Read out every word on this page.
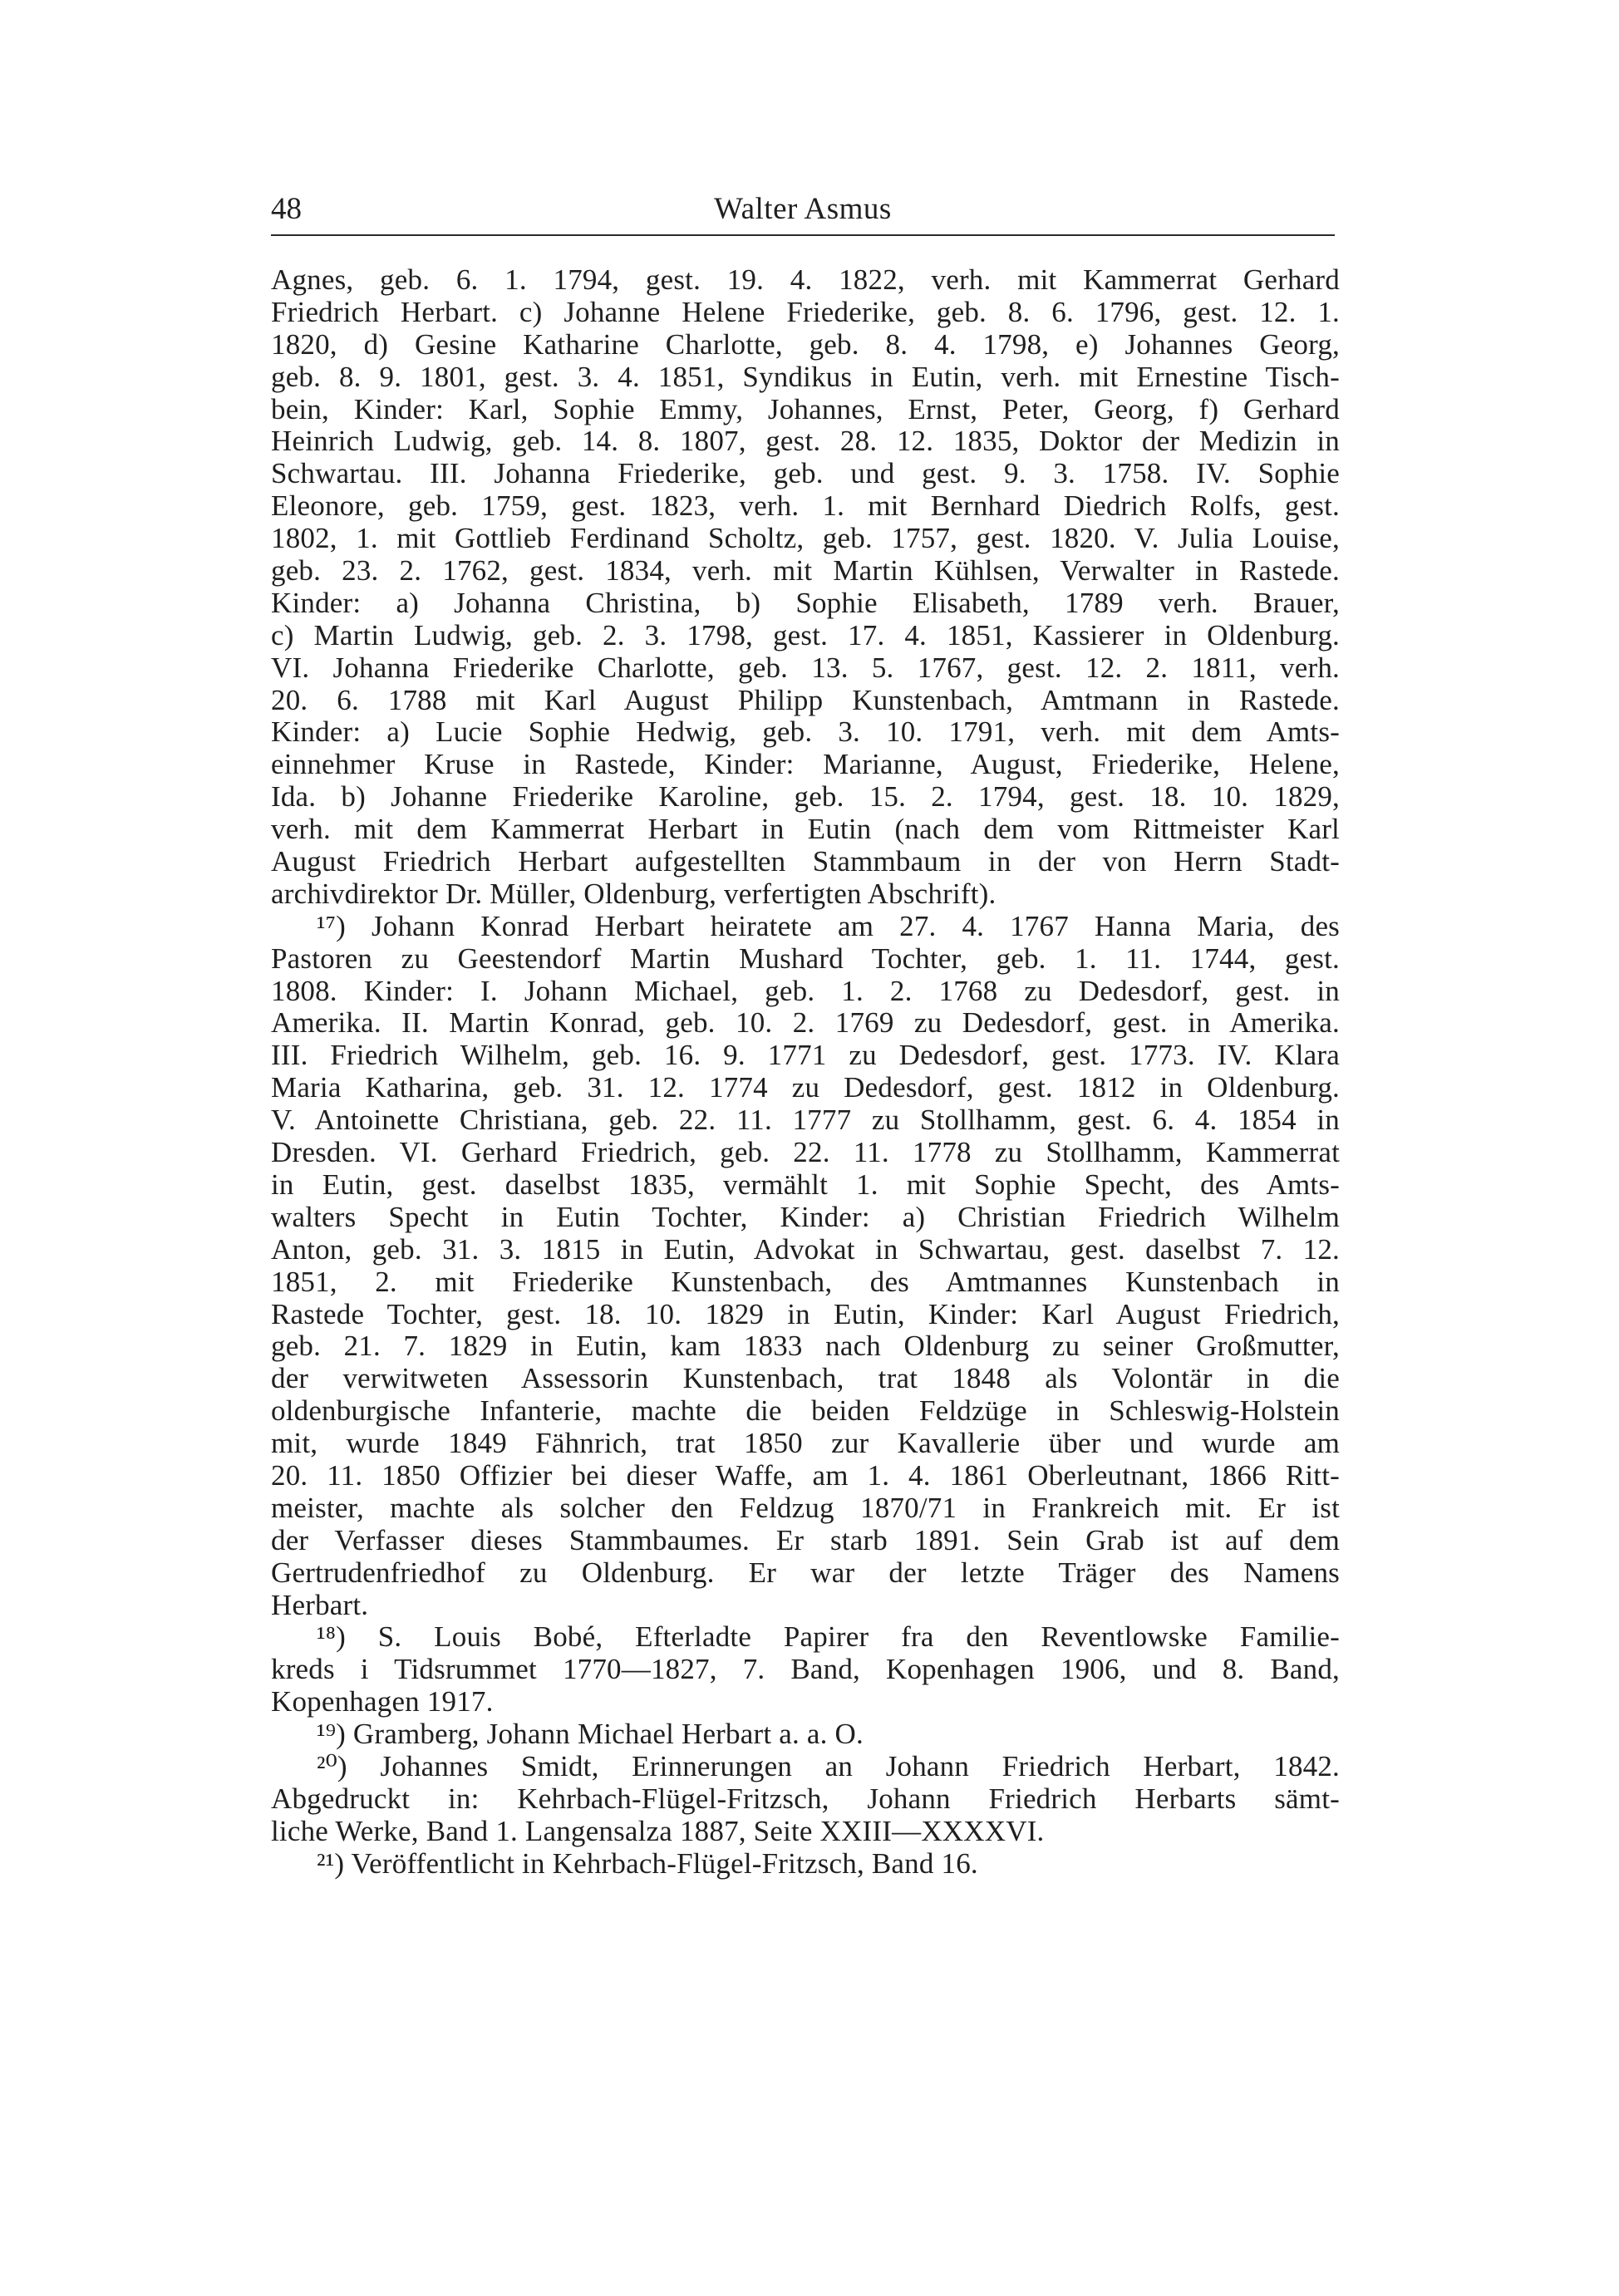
Walter Asmus
48
Agnes, geb. 6. 1. 1794, gest. 19. 4. 1822, verh. mit Kammerrat Gerhard
Friedrich Herbart. c) Johanne Helene Friederike, geb. 8. 6. 1796, gest. 12. 1.
1820, d) Gesine Katharine Charlotte, geb. 8. 4. 1798, e) Johannes Georg,
geb. 8. 9. 1801, gest. 3. 4. 1851, Syndikus in Eutin, verh. mit Ernestine Tisch-
bein, Kinder: Karl, Sophie Emmy, Johannes, Ernst, Peter, Georg, f) Gerhard
Heinrich Ludwig, geb. 14. 8. 1807, gest. 28. 12. 1835, Doktor der Medizin in
Schwartau. III. Johanna Friederike, geb. und gest. 9. 3. 1758. IV. Sophie
Eleonore, geb. 1759, gest. 1823, verh. 1. mit Bernhard Diedrich Rolfs, gest.
1802, 1. mit Gottlieb Ferdinand Scholtz, geb. 1757, gest. 1820. V. Julia Louise,
geb. 23. 2. 1762, gest. 1834, verh. mit Martin Kühlsen, Verwalter in Rastede.
Kinder: a) Johanna Christina, b) Sophie Elisabeth, 1789 verh. Brauer,
c) Martin Ludwig, geb. 2. 3. 1798, gest. 17. 4. 1851, Kassierer in Oldenburg.
VI. Johanna Friederike Charlotte, geb. 13. 5. 1767, gest. 12. 2. 1811, verh.
20. 6. 1788 mit Karl August Philipp Kunstenbach, Amtmann in Rastede.
Kinder: a) Lucie Sophie Hedwig, geb. 3. 10. 1791, verh. mit dem Amts-
einnehmer Kruse in Rastede, Kinder: Marianne, August, Friederike, Helene,
Ida. b) Johanne Friederike Karoline, geb. 15. 2. 1794, gest. 18. 10. 1829,
verh. mit dem Kammerrat Herbart in Eutin (nach dem vom Rittmeister Karl
August Friedrich Herbart aufgestellten Stammbaum in der von Herrn Stadt-
archivdirektor Dr. Müller, Oldenburg, verfertigten Abschrift).
¹⁷) Johann Konrad Herbart heiratete am 27. 4. 1767 Hanna Maria, des
Pastoren zu Geestendorf Martin Mushard Tochter, geb. 1. 11. 1744, gest.
1808. Kinder: I. Johann Michael, geb. 1. 2. 1768 zu Dedesdorf, gest. in
Amerika. II. Martin Konrad, geb. 10. 2. 1769 zu Dedesdorf, gest. in Amerika.
III. Friedrich Wilhelm, geb. 16. 9. 1771 zu Dedesdorf, gest. 1773. IV. Klara
Maria Katharina, geb. 31. 12. 1774 zu Dedesdorf, gest. 1812 in Oldenburg.
V. Antoinette Christiana, geb. 22. 11. 1777 zu Stollhamm, gest. 6. 4. 1854 in
Dresden. VI. Gerhard Friedrich, geb. 22. 11. 1778 zu Stollhamm, Kammerrat
in Eutin, gest. daselbst 1835, vermählt 1. mit Sophie Specht, des Amts-
walters Specht in Eutin Tochter, Kinder: a) Christian Friedrich Wilhelm
Anton, geb. 31. 3. 1815 in Eutin, Advokat in Schwartau, gest. daselbst 7. 12.
1851, 2. mit Friederike Kunstenbach, des Amtmannes Kunstenbach in
Rastede Tochter, gest. 18. 10. 1829 in Eutin, Kinder: Karl August Friedrich,
geb. 21. 7. 1829 in Eutin, kam 1833 nach Oldenburg zu seiner Großmutter,
der verwitweten Assessorin Kunstenbach, trat 1848 als Volontär in die
oldenburgische Infanterie, machte die beiden Feldzüge in Schleswig-Holstein
mit, wurde 1849 Fähnrich, trat 1850 zur Kavallerie über und wurde am
20. 11. 1850 Offizier bei dieser Waffe, am 1. 4. 1861 Oberleutnant, 1866 Ritt-
meister, machte als solcher den Feldzug 1870/71 in Frankreich mit. Er ist
der Verfasser dieses Stammbaumes. Er starb 1891. Sein Grab ist auf dem
Gertrudenfriedhof zu Oldenburg. Er war der letzte Träger des Namens
Herbart.
¹⁸) S. Louis Bobé, Efterladte Papirer fra den Reventlowske Familie-
kreds i Tidsrummet 1770—1827, 7. Band, Kopenhagen 1906, und 8. Band,
Kopenhagen 1917.
¹⁹) Gramberg, Johann Michael Herbart a. a. O.
²⁰) Johannes Smidt, Erinnerungen an Johann Friedrich Herbart, 1842.
Abgedruckt in: Kehrbach-Flügel-Fritzsch, Johann Friedrich Herbarts sämt-
liche Werke, Band 1. Langensalza 1887, Seite XXIII—XXXXVI.
²¹) Veröffentlicht in Kehrbach-Flügel-Fritzsch, Band 16.
